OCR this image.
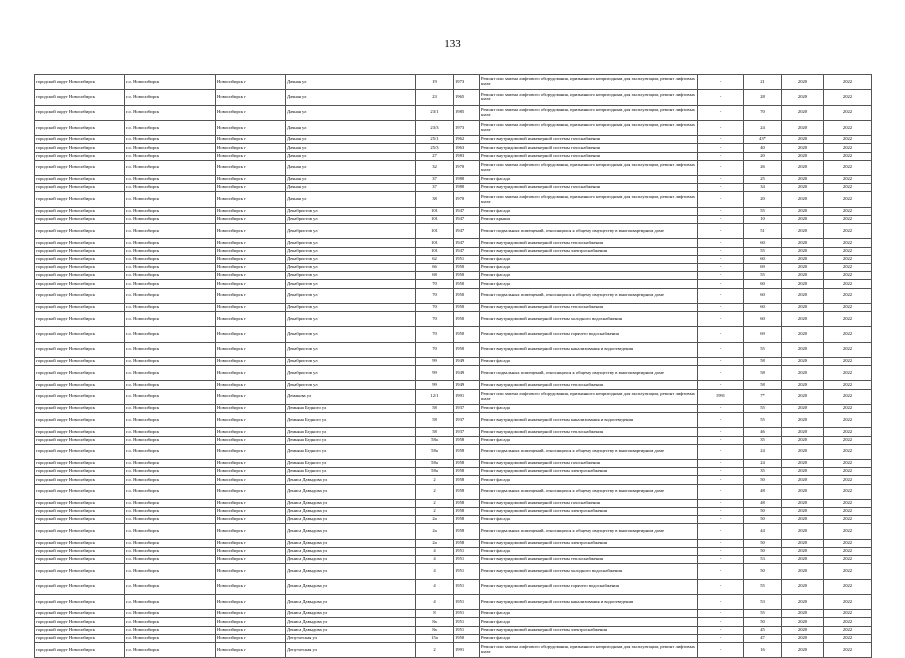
133
городской округ Новосибирск	г.о. Новосибирск	Новосибирск г	Дачная ул	19	1973	Ремонт или замена лифтового оборудования, признанного непригодным для эксплуатации, ремонт лифтовых шахт	-	21	2020	2022
городской округ Новосибирск	г.о. Новосибирск	Новосибирск г	Дачная ул	23	1965	Ремонт или замена лифтового оборудования, признанного непригодным для эксплуатации, ремонт лифтовых шахт	-	28	2020	2022
городской округ Новосибирск	г.о. Новосибирск	Новосибирск г	Дачная ул	23/1	1985	Ремонт или замена лифтового оборудования, признанного непригодным для эксплуатации, ремонт лифтовых шахт	-	70	2020	2022
городской округ Новосибирск	г.о. Новосибирск	Новосибирск г	Дачная ул	23/3	1973	Ремонт или замена лифтового оборудования, признанного непригодным для эксплуатации, ремонт лифтовых шахт	-	24	2020	2022
городской округ Новосибирск	г.о. Новосибирск	Новосибирск г	Дачная ул	25/1	1962	Ремонт внутридомовой инженерной системы газоснабжения	-	43*	2020	2022
городской округ Новосибирск	г.о. Новосибирск	Новосибирск г	Дачная ул	25/3	1963	Ремонт внутридомовой инженерной системы газоснабжения	-	40	2020	2022
городской округ Новосибирск	г.о. Новосибирск	Новосибирск г	Дачная ул	27	1983	Ремонт внутридомовой инженерной системы газоснабжения	-	20	2020	2022
городской округ Новосибирск	г.о. Новосибирск	Новосибирск г	Дачная ул	32	1970	Ремонт или замена лифтового оборудования, признанного непригодным для эксплуатации, ремонт лифтовых шахт	-	26	2020	2022
городской округ Новосибирск	г.о. Новосибирск	Новосибирск г	Дачная ул	37	1980	Ремонт фасада	-	25	2020	2022
городской округ Новосибирск	г.о. Новосибирск	Новосибирск г	Дачная ул	37	1980	Ремонт внутридомовой инженерной системы газоснабжения	-	34	2020	2022
городской округ Новосибирск	г.о. Новосибирск	Новосибирск г	Дачная ул	38	1970	Ремонт или замена лифтового оборудования, признанного непригодным для эксплуатации, ремонт лифтовых шахт	-	20	2020	2022
городской округ Новосибирск	г.о. Новосибирск	Новосибирск г	Декабристов ул	101	1947	Ремонт фасада	-	55	2020	2022
городской округ Новосибирск	г.о. Новосибирск	Новосибирск г	Декабристов ул	101	1947	Ремонт крыши	-	10	2020	2022
городской округ Новосибирск	г.о. Новосибирск	Новосибирск г	Декабристов ул	101	1947	Ремонт подвальных помещений, относящихся к общему имуществу в многоквартирном доме	-	51	2020	2022
городской округ Новосибирск	г.о. Новосибирск	Новосибирск г	Декабристов ул	101	1947	Ремонт внутридомовой инженерной системы теплоснабжения	-	60	2020	2022
городской округ Новосибирск	г.о. Новосибирск	Новосибирск г	Декабристов ул	101	1947	Ремонт внутридомовой инженерной системы электроснабжения	-	55	2020	2022
городской округ Новосибирск	г.о. Новосибирск	Новосибирск г	Декабристов ул	62	1951	Ремонт фасада	-	60	2020	2022
городской округ Новосибирск	г.о. Новосибирск	Новосибирск г	Декабристов ул	66	1950	Ремонт фасада	-	69	2020	2022
городской округ Новосибирск	г.о. Новосибирск	Новосибирск г	Декабристов ул	68	1950	Ремонт фасада	-	55	2020	2022
городской округ Новосибирск	г.о. Новосибирск	Новосибирск г	Декабристов ул	70	1950	Ремонт фасада	-	60	2020	2022
городской округ Новосибирск	г.о. Новосибирск	Новосибирск г	Декабристов ул	70	1950	Ремонт подвальных помещений, относящихся к общему имуществу в многоквартирном доме	-	60	2020	2022
городской округ Новосибирск	г.о. Новосибирск	Новосибирск г	Декабристов ул	70	1950	Ремонт внутридомовой инженерной системы теплоснабжения	-	60	2020	2022
городской округ Новосибирск	г.о. Новосибирск	Новосибирск г	Декабристов ул	70	1950	Ремонт внутридомовой инженерной системы холодного водоснабжения	-	60	2020	2022
городской округ Новосибирск	г.о. Новосибирск	Новосибирск г	Декабристов ул	70	1950	Ремонт внутридомовой инженерной системы горячего водоснабжения	-	69	2020	2022
городской округ Новосибирск	г.о. Новосибирск	Новосибирск г	Декабристов ул	70	1950	Ремонт внутридомовой инженерной системы канализования и водоотведения	-	55	2020	2022
городской округ Новосибирск	г.о. Новосибирск	Новосибирск г	Декабристов ул	99	1949	Ремонт фасада	-	58	2020	2022
городской округ Новосибирск	г.о. Новосибирск	Новосибирск г	Декабристов ул	99	1949	Ремонт подвальных помещений, относящихся к общему имуществу в многоквартирном доме	-	58	2020	2022
городской округ Новосибирск	г.о. Новосибирск	Новосибирск г	Декабристов ул	99	1949	Ремонт внутридомовой инженерной системы теплоснабжения	-	58	2020	2022
городской округ Новосибирск	г.о. Новосибирск	Новосибирск г	Демакова ул	12/1	1991	Ремонт или замена лифтового оборудования, признанного непригодным для эксплуатации, ремонт лифтовых шахт	1991	7*	2020	2022
городской округ Новосибирск	г.о. Новосибирск	Новосибирск г	Демьяна Бедного ул	58	1937	Ремонт фасада	-	55	2020	2022
городской округ Новосибирск	г.о. Новосибирск	Новосибирск г	Демьяна Бедного ул	58	1937	Ремонт внутридомовой инженерной системы канализования и водоотведения	-	55	2020	2022
городской округ Новосибирск	г.о. Новосибирск	Новосибирск г	Демьяна Бедного ул	58	1937	Ремонт внутридомовой инженерной системы теплоснабжения	-	46	2020	2022
городской округ Новосибирск	г.о. Новосибирск	Новосибирск г	Демьяна Бедного ул	58а	1958	Ремонт фасада	-	35	2020	2022
городской округ Новосибирск	г.о. Новосибирск	Новосибирск г	Демьяна Бедного ул	58а	1958	Ремонт подвальных помещений, относящихся к общему имуществу в многоквартирном доме	-	24	2020	2022
городской округ Новосибирск	г.о. Новосибирск	Новосибирск г	Демьяна Бедного ул	58а	1958	Ремонт внутридомовой инженерной системы газоснабжения	-	24	2020	2022
городской округ Новосибирск	г.о. Новосибирск	Новосибирск г	Демьяна Бедного ул	58а	1958	Ремонт внутридомовой инженерной системы электроснабжения	-	35	2020	2022
городской округ Новосибирск	г.о. Новосибирск	Новосибирск г	Дениса Давыдова ул	2	1958	Ремонт фасада	-	50	2020	2022
городской округ Новосибирск	г.о. Новосибирск	Новосибирск г	Дениса Давыдова ул	2	1958	Ремонт подвальных помещений, относящихся к общему имуществу в многоквартирном доме	-	48	2020	2022
городской округ Новосибирск	г.о. Новосибирск	Новосибирск г	Дениса Давыдова ул	2	1958	Ремонт внутридомовой инженерной системы газоснабжения	-	48	2020	2022
городской округ Новосибирск	г.о. Новосибирск	Новосибирск г	Дениса Давыдова ул	2	1958	Ремонт внутридомовой инженерной системы электроснабжения	-	50	2020	2022
городской округ Новосибирск	г.о. Новосибирск	Новосибирск г	Дениса Давыдова ул	2а	1958	Ремонт фасада	-	50	2020	2022
городской округ Новосибирск	г.о. Новосибирск	Новосибирск г	Дениса Давыдова ул	2а	1958	Ремонт подвальных помещений, относящихся к общему имуществу в многоквартирном доме	-	44	2020	2022
городской округ Новосибирск	г.о. Новосибирск	Новосибирск г	Дениса Давыдова ул	2а	1958	Ремонт внутридомовой инженерной системы электроснабжения	-	50	2020	2022
городской округ Новосибирск	г.о. Новосибирск	Новосибирск г	Дениса Давыдова ул	4	1951	Ремонт фасада	-	50	2020	2022
городской округ Новосибирск	г.о. Новосибирск	Новосибирск г	Дениса Давыдова ул	4	1951	Ремонт внутридомовой инженерной системы теплоснабжения	-	53	2020	2022
городской округ Новосибирск	г.о. Новосибирск	Новосибирск г	Дениса Давыдова ул	4	1951	Ремонт внутридомовой инженерной системы холодного водоснабжения	-	50	2020	2022
городской округ Новосибирск	г.о. Новосибирск	Новосибирск г	Дениса Давыдова ул	4	1951	Ремонт внутридомовой инженерной системы горячего водоснабжения	-	55	2020	2022
городской округ Новосибирск	г.о. Новосибирск	Новосибирск г	Дениса Давыдова ул	4	1951	Ремонт внутридомовой инженерной системы канализования и водоотведения	-	53	2020	2022
городской округ Новосибирск	г.о. Новосибирск	Новосибирск г	Дениса Давыдова ул	8	1951	Ремонт фасада	-	55	2020	2022
городской округ Новосибирск	г.о. Новосибирск	Новосибирск г	Дениса Давыдова ул	8а	1951	Ремонт фасада	-	50	2020	2022
городской округ Новосибирск	г.о. Новосибирск	Новосибирск г	Дениса Давыдова ул	8а	1951	Ремонт внутридомовой инженерной системы электроснабжения	-	45	2020	2022
городской округ Новосибирск	г.о. Новосибирск	Новосибирск г	Депутатская ул	15а	1950	Ремонт фасада	-	47	2020	2022
городской округ Новосибирск	г.о. Новосибирск	Новосибирск г	Депутатская ул	2	1991	Ремонт или замена лифтового оборудования, признанного непригодным для эксплуатации, ремонт лифтовых шахт	-	16	2020	2022
